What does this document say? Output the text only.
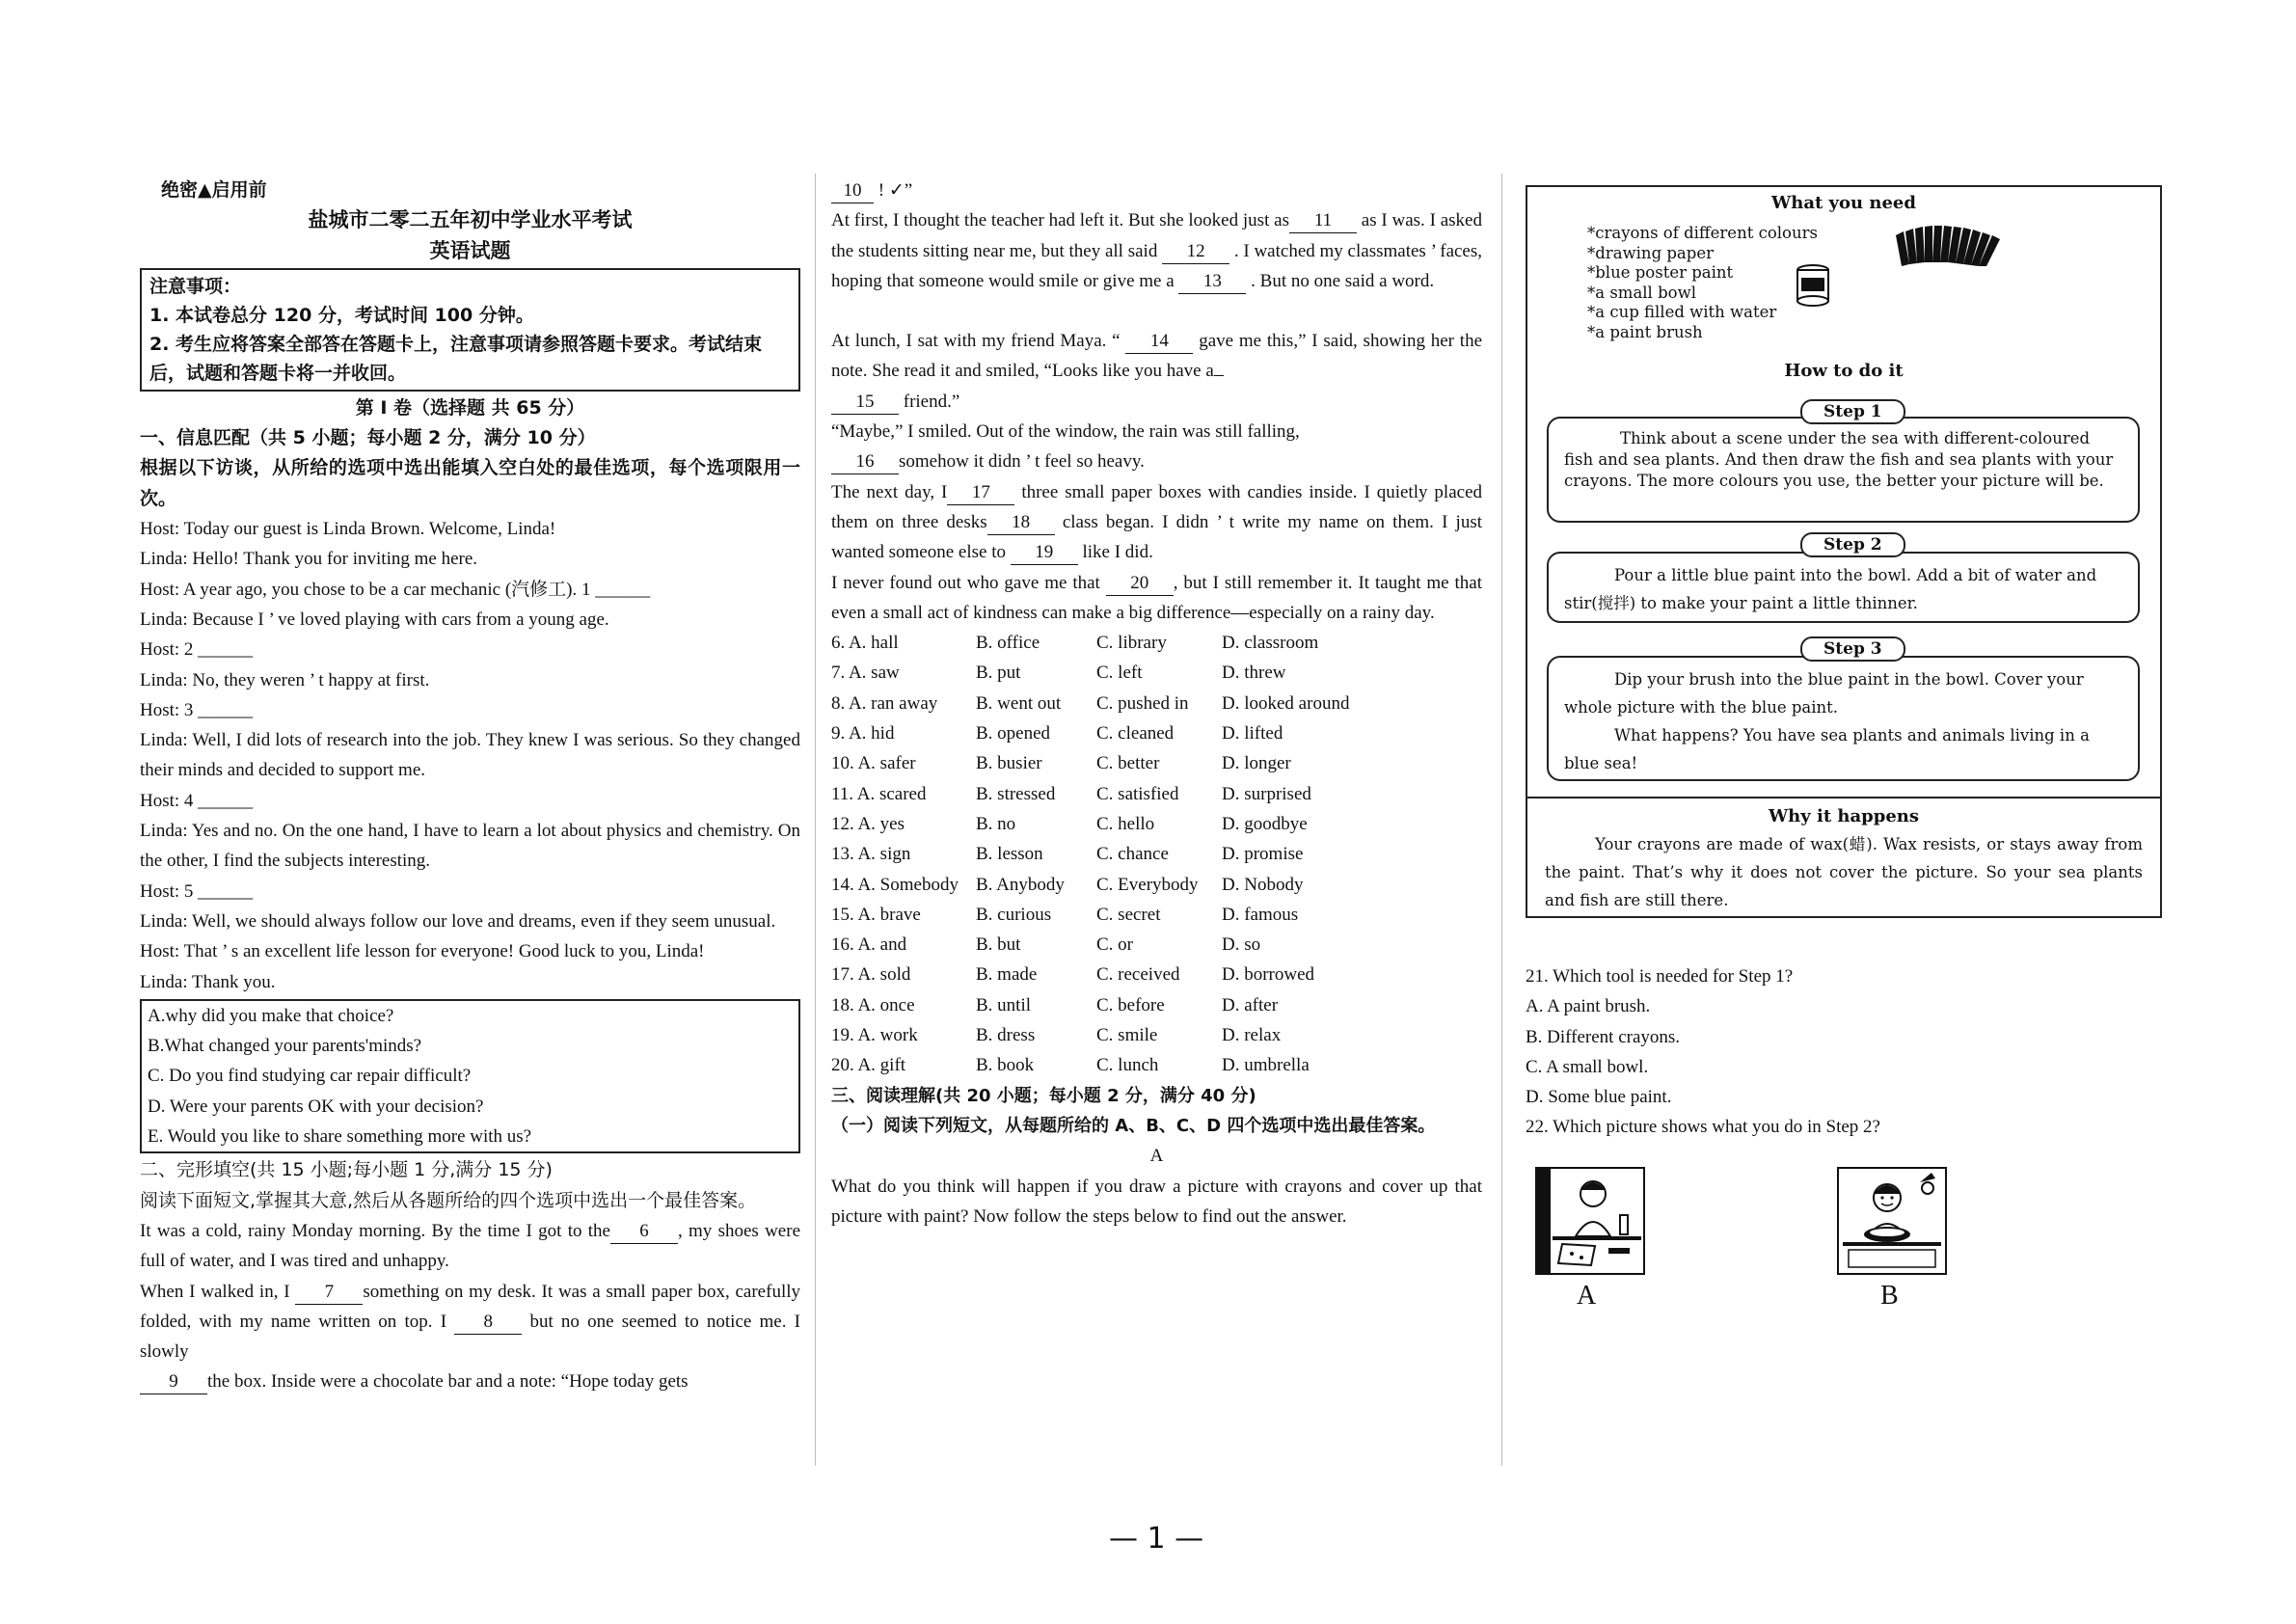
绝密▲启用前
盐城市二零二五年初中学业水平考试
英语试题
注意事项：
1. 本试卷总分 120 分，考试时间 100 分钟。
2. 考生应将答案全部答在答题卡上，注意事项请参照答题卡要求。考试结束后，试题和答题卡将一并收回。
第 I 卷（选择题 共 65 分）
一、信息匹配（共 5 小题；每小题 2 分，满分 10 分）
根据以下访谈，从所给的选项中选出能填入空白处的最佳选项，每个选项限用一次。
Host: Today our guest is Linda Brown. Welcome, Linda!
Linda: Hello! Thank you for inviting me here.
Host: A year ago, you chose to be a car mechanic (汽修工). 1 ______
Linda: Because I ’ ve loved playing with cars from a young age.
Host: 2 ______
Linda: No, they weren ’ t happy at first.
Host: 3 ______
Linda: Well, I did lots of research into the job. They knew I was serious. So they changed their minds and decided to support me.
Host: 4 ______
Linda: Yes and no. On the one hand, I have to learn a lot about physics and chemistry. On the other, I find the subjects interesting.
Host: 5 ______
Linda: Well, we should always follow our love and dreams, even if they seem unusual.
Host: That ’ s an excellent life lesson for everyone! Good luck to you, Linda!
Linda: Thank you.
A.why did you make that choice?
B.What changed your parents'minds?
C. Do you find studying car repair difficult?
D. Were your parents OK with your decision?
E. Would you like to share something more with us?
二、完形填空(共 15 小题;每小题 1 分,满分 15 分)
阅读下面短文,掌握其大意,然后从各题所给的四个选项中选出一个最佳答案。
It was a cold, rainy Monday morning. By the time I got to the 6 , my shoes were full of water, and I was tired and unhappy.
When I walked in, I 7 something on my desk. It was a small paper box, carefully folded, with my name written on top. I 8 but no one seemed to notice me. I slowly
9 the box. Inside were a chocolate bar and a note: “Hope today gets
10 ! ✓”
At first, I thought the teacher had left it. But she looked just as 11 as I was. I asked the students sitting near me, but they all said 12 . I watched my classmates ’ faces, hoping that someone would smile or give me a 13 . But no one said a word.
At lunch, I sat with my friend Maya. “ 14 gave me this,” I said, showing her the note. She read it and smiled, “Looks like you have a
15 friend.”
“Maybe,” I smiled. Out of the window, the rain was still falling,
16 somehow it didn ’ t feel so heavy.
The next day, I 17 three small paper boxes with candies inside. I quietly placed them on three desks 18 class began. I didn ’ t write my name on them. I just wanted someone else to 19 like I did.
I never found out who gave me that 20 , but I still remember it. It taught me that even a small act of kindness can make a big difference—especially on a rainy day.
6. A. hall	B. office	C. library	D. classroom
7. A. saw	B. put	C. left	D. threw
8. A. ran away	B. went out	C. pushed in	D. looked around
9. A. hid	B. opened	C. cleaned	D. lifted
10. A. safer	B. busier	C. better	D. longer
11. A. scared	B. stressed	C. satisfied	D. surprised
12. A. yes	B. no	C. hello	D. goodbye
13. A. sign	B. lesson	C. chance	D. promise
14. A. Somebody B. Anybody	C. Everybody	D. Nobody
15. A. brave	B. curious	C. secret	D. famous
16. A. and	B. but	C. or	D. so
17. A. sold	B. made	C. received	D. borrowed
18. A. once	B. until	C. before	D. after
19. A. work	B. dress	C. smile	D. relax
20. A. gift	B. book	C. lunch	D. umbrella
三、阅读理解(共 20 小题；每小题 2 分，满分 40 分)
（一）阅读下列短文，从每题所给的 A、B、C、D 四个选项中选出最佳答案。
A
What do you think will happen if you draw a picture with crayons and cover up that picture with paint? Now follow the steps below to find out the answer.
What you need
*crayons of different colours
*drawing paper
*blue poster paint
*a small bowl
*a cup filled with water
*a paint brush
How to do it
Think about a scene under the sea with different-coloured fish and sea plants. And then draw the fish and sea plants with your crayons. The more colours you use, the better your picture will be.
Step 1
Pour a little blue paint into the bowl. Add a bit of water and stir(搅拌) to make your paint a little thinner.
Step 2
Dip your brush into the blue paint in the bowl. Cover your whole picture with the blue paint.
What happens? You have sea plants and animals living in a blue sea!
Step 3
Why it happens
Your crayons are made of wax(蜡). Wax resists, or stays away from the paint. That’s why it does not cover the picture. So your sea plants and fish are still there.
21. Which tool is needed for Step 1?
A. A paint brush.
B. Different crayons.
C. A small bowl.
D. Some blue paint.
22. Which picture shows what you do in Step 2?
A	B
— 1 —
